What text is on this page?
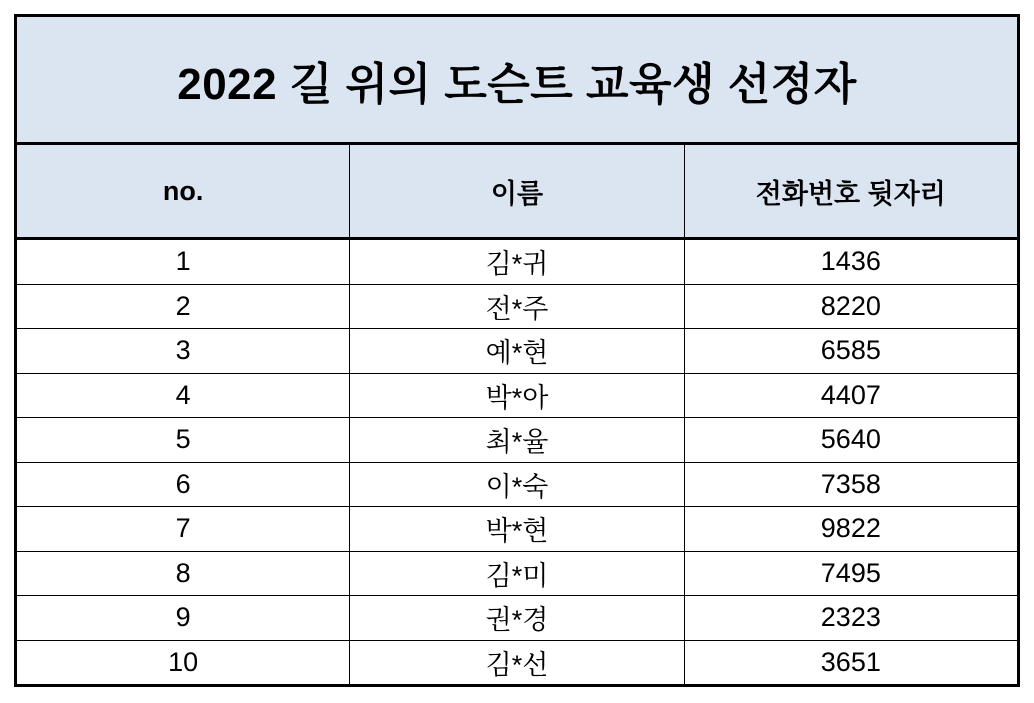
2022 길 위의 도슨트 교육생 선정자		
no.	이름	전화번호 뒷자리
1	김*귀	1436
2	전*주	8220
3	예*현	6585
4	박*아	4407
5	최*율	5640
6	이*숙	7358
7	박*현	9822
8	김*미	7495
9	권*경	2323
10	김*선	3651
